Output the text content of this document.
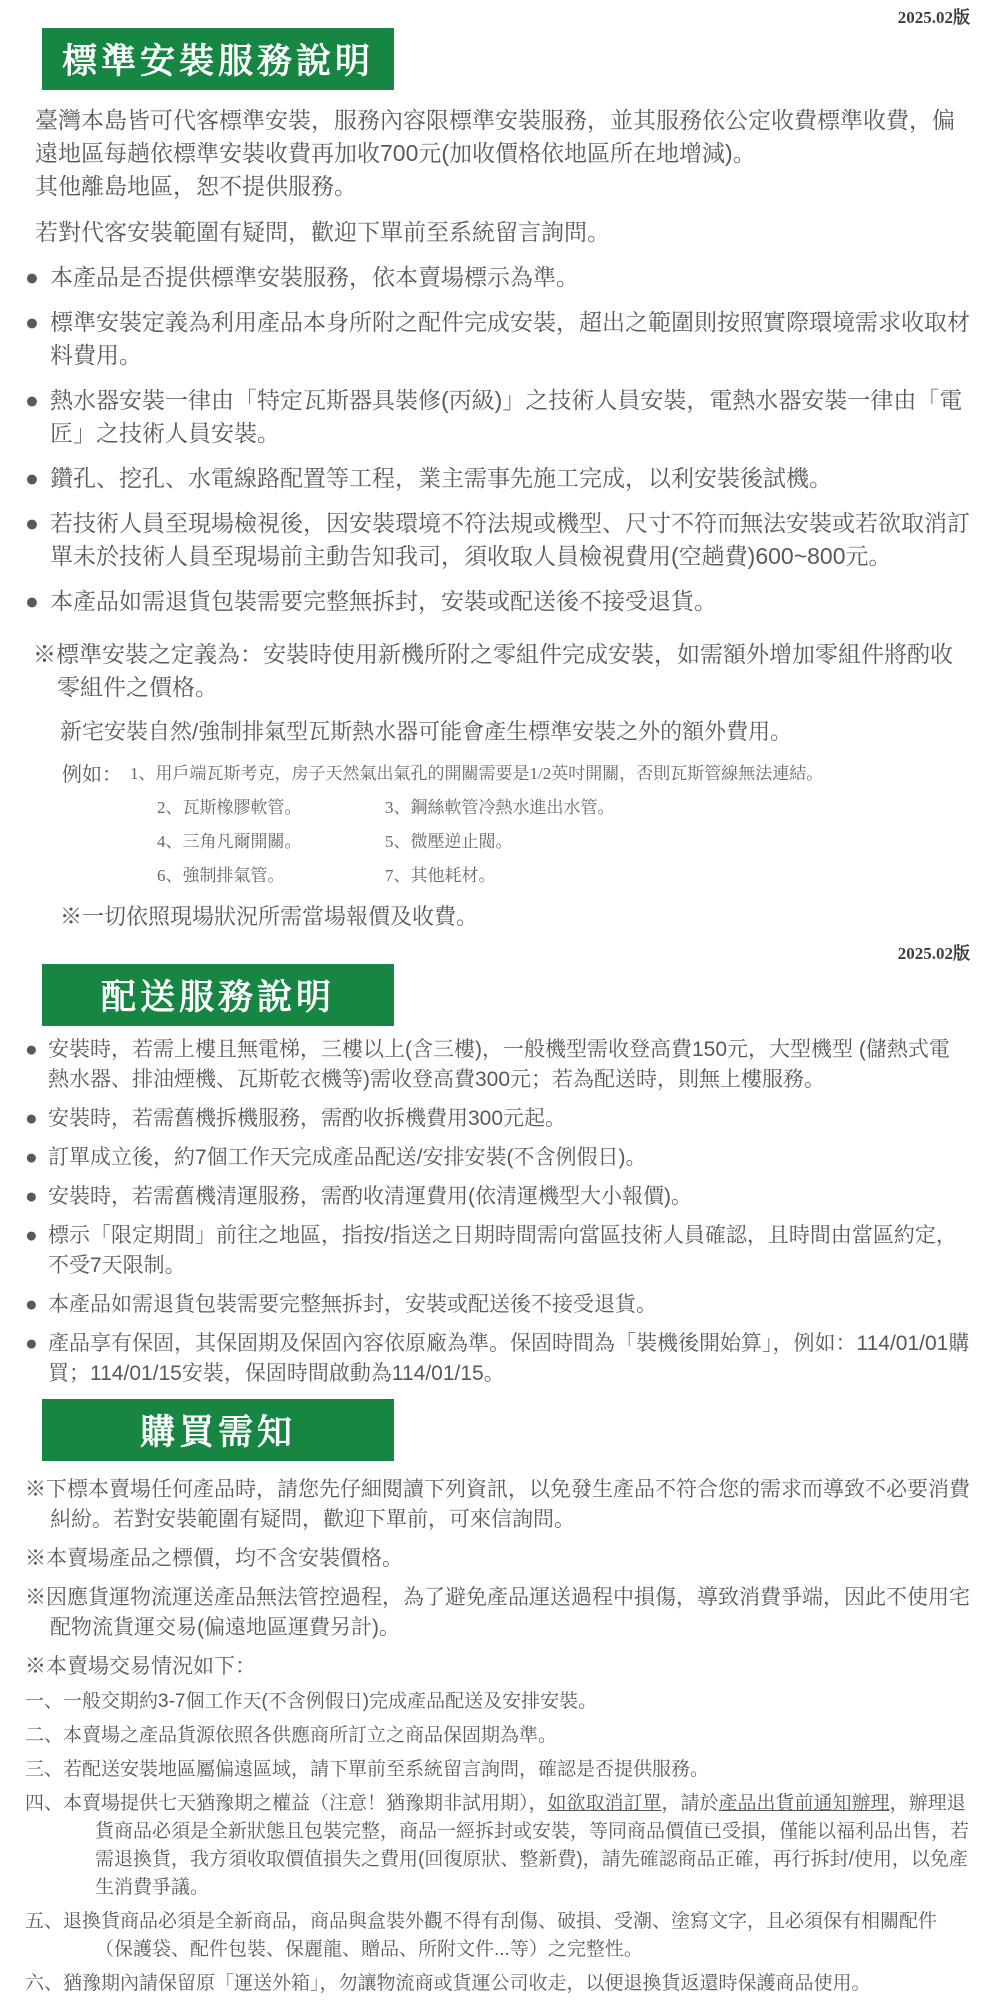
2025.02版
標準安裝服務說明

臺灣本島皆可代客標準安裝，服務內容限標準安裝服務，並其服務依公定收費標準收費，偏遠地區每趟依標準安裝收費再加收700元(加收價格依地區所在地增減)。

其他離島地區，恕不提供服務。

若對代客安裝範圍有疑問，歡迎下單前至系統留言詢問。

● 本產品是否提供標準安裝服務，依本賣場標示為準。
● 標準安裝定義為利用產品本身所附之配件完成安裝，超出之範圍則按照實際環境需求收取材料費用。
● 熱水器安裝一律由「特定瓦斯器具裝修(丙級)」之技術人員安裝，電熱水器安裝一律由「電匠」之技術人員安裝。
● 鑽孔、挖孔、水電線路配置等工程，業主需事先施工完成，以利安裝後試機。
● 若技術人員至現場檢視後，因安裝環境不符法規或機型、尺寸不符而無法安裝或若欲取消訂單未於技術人員至現場前主動告知我司，須收取人員檢視費用(空趟費)600~800元。
● 本產品如需退貨包裝需要完整無拆封，安裝或配送後不接受退貨。

※標準安裝之定義為：安裝時使用新機所附之零組件完成安裝，如需額外增加零組件將酌收零組件之價格。

新宅安裝自然/強制排氣型瓦斯熱水器可能會產生標準安裝之外的額外費用。

例如： 1、用戶端瓦斯考克，房子天然氣出氣孔的開關需要是1/2英吋開關，否則瓦斯管線無法連結。
2、瓦斯橡膠軟管。	3、鋼絲軟管冷熱水進出水管。
4、三角凡爾開關。	5、微壓逆止閥。
6、強制排氣管。	7、其他耗材。

※一切依照現場狀況所需當場報價及收費。

2025.02版
配送服務說明
● 安裝時，若需上樓且無電梯，三樓以上(含三樓)，一般機型需收登高費150元，大型機型 (儲熱式電熱水器、排油煙機、瓦斯乾衣機等)需收登高費300元；若為配送時，則無上樓服務。
● 安裝時，若需舊機拆機服務，需酌收拆機費用300元起。
● 訂單成立後，約7個工作天完成產品配送/安排安裝(不含例假日)。
● 安裝時，若需舊機清運服務，需酌收清運費用(依清運機型大小報價)。
● 標示「限定期間」前往之地區，指按/指送之日期時間需向當區技術人員確認，且時間由當區約定，不受7天限制。
● 本產品如需退貨包裝需要完整無拆封，安裝或配送後不接受退貨。
● 產品享有保固，其保固期及保固內容依原廠為準。保固時間為「裝機後開始算」，例如：114/01/01購買；114/01/15安裝，保固時間啟動為114/01/15。
購買需知

※下標本賣場任何產品時，請您先仔細閱讀下列資訊，以免發生產品不符合您的需求而導致不必要消費糾紛。若對安裝範圍有疑問，歡迎下單前，可來信詢問。

※本賣場產品之標價，均不含安裝價格。

※因應貨運物流運送產品無法管控過程，為了避免產品運送過程中損傷，導致消費爭端，因此不使用宅配物流貨運交易(偏遠地區運費另計)。

※本賣場交易情況如下：

一、一般交期約3-7個工作天(不含例假日)完成產品配送及安排安裝。
二、本賣場之產品貨源依照各供應商所訂立之商品保固期為準。
三、若配送安裝地區屬偏遠區域，請下單前至系統留言詢問，確認是否提供服務。
四、本賣場提供七天猶豫期之權益（注意！猶豫期非試用期），如欲取消訂單，請於產品出貨前通知辦理，辦理退貨商品必須是全新狀態且包裝完整，商品一經拆封或安裝，等同商品價值已受損，僅能以福利品出售，若需退換貨，我方須收取價值損失之費用(回復原狀、整新費)，請先確認商品正確，再行拆封/使用，以免產生消費爭議。
五、退換貨商品必須是全新商品，商品與盒裝外觀不得有刮傷、破損、受潮、塗寫文字，且必須保有相關配件（保護袋、配件包裝、保麗龍、贈品、所附文件...等）之完整性。
六、猶豫期內請保留原「運送外箱」，勿讓物流商或貨運公司收走，以便退換貨返還時保護商品使用。
